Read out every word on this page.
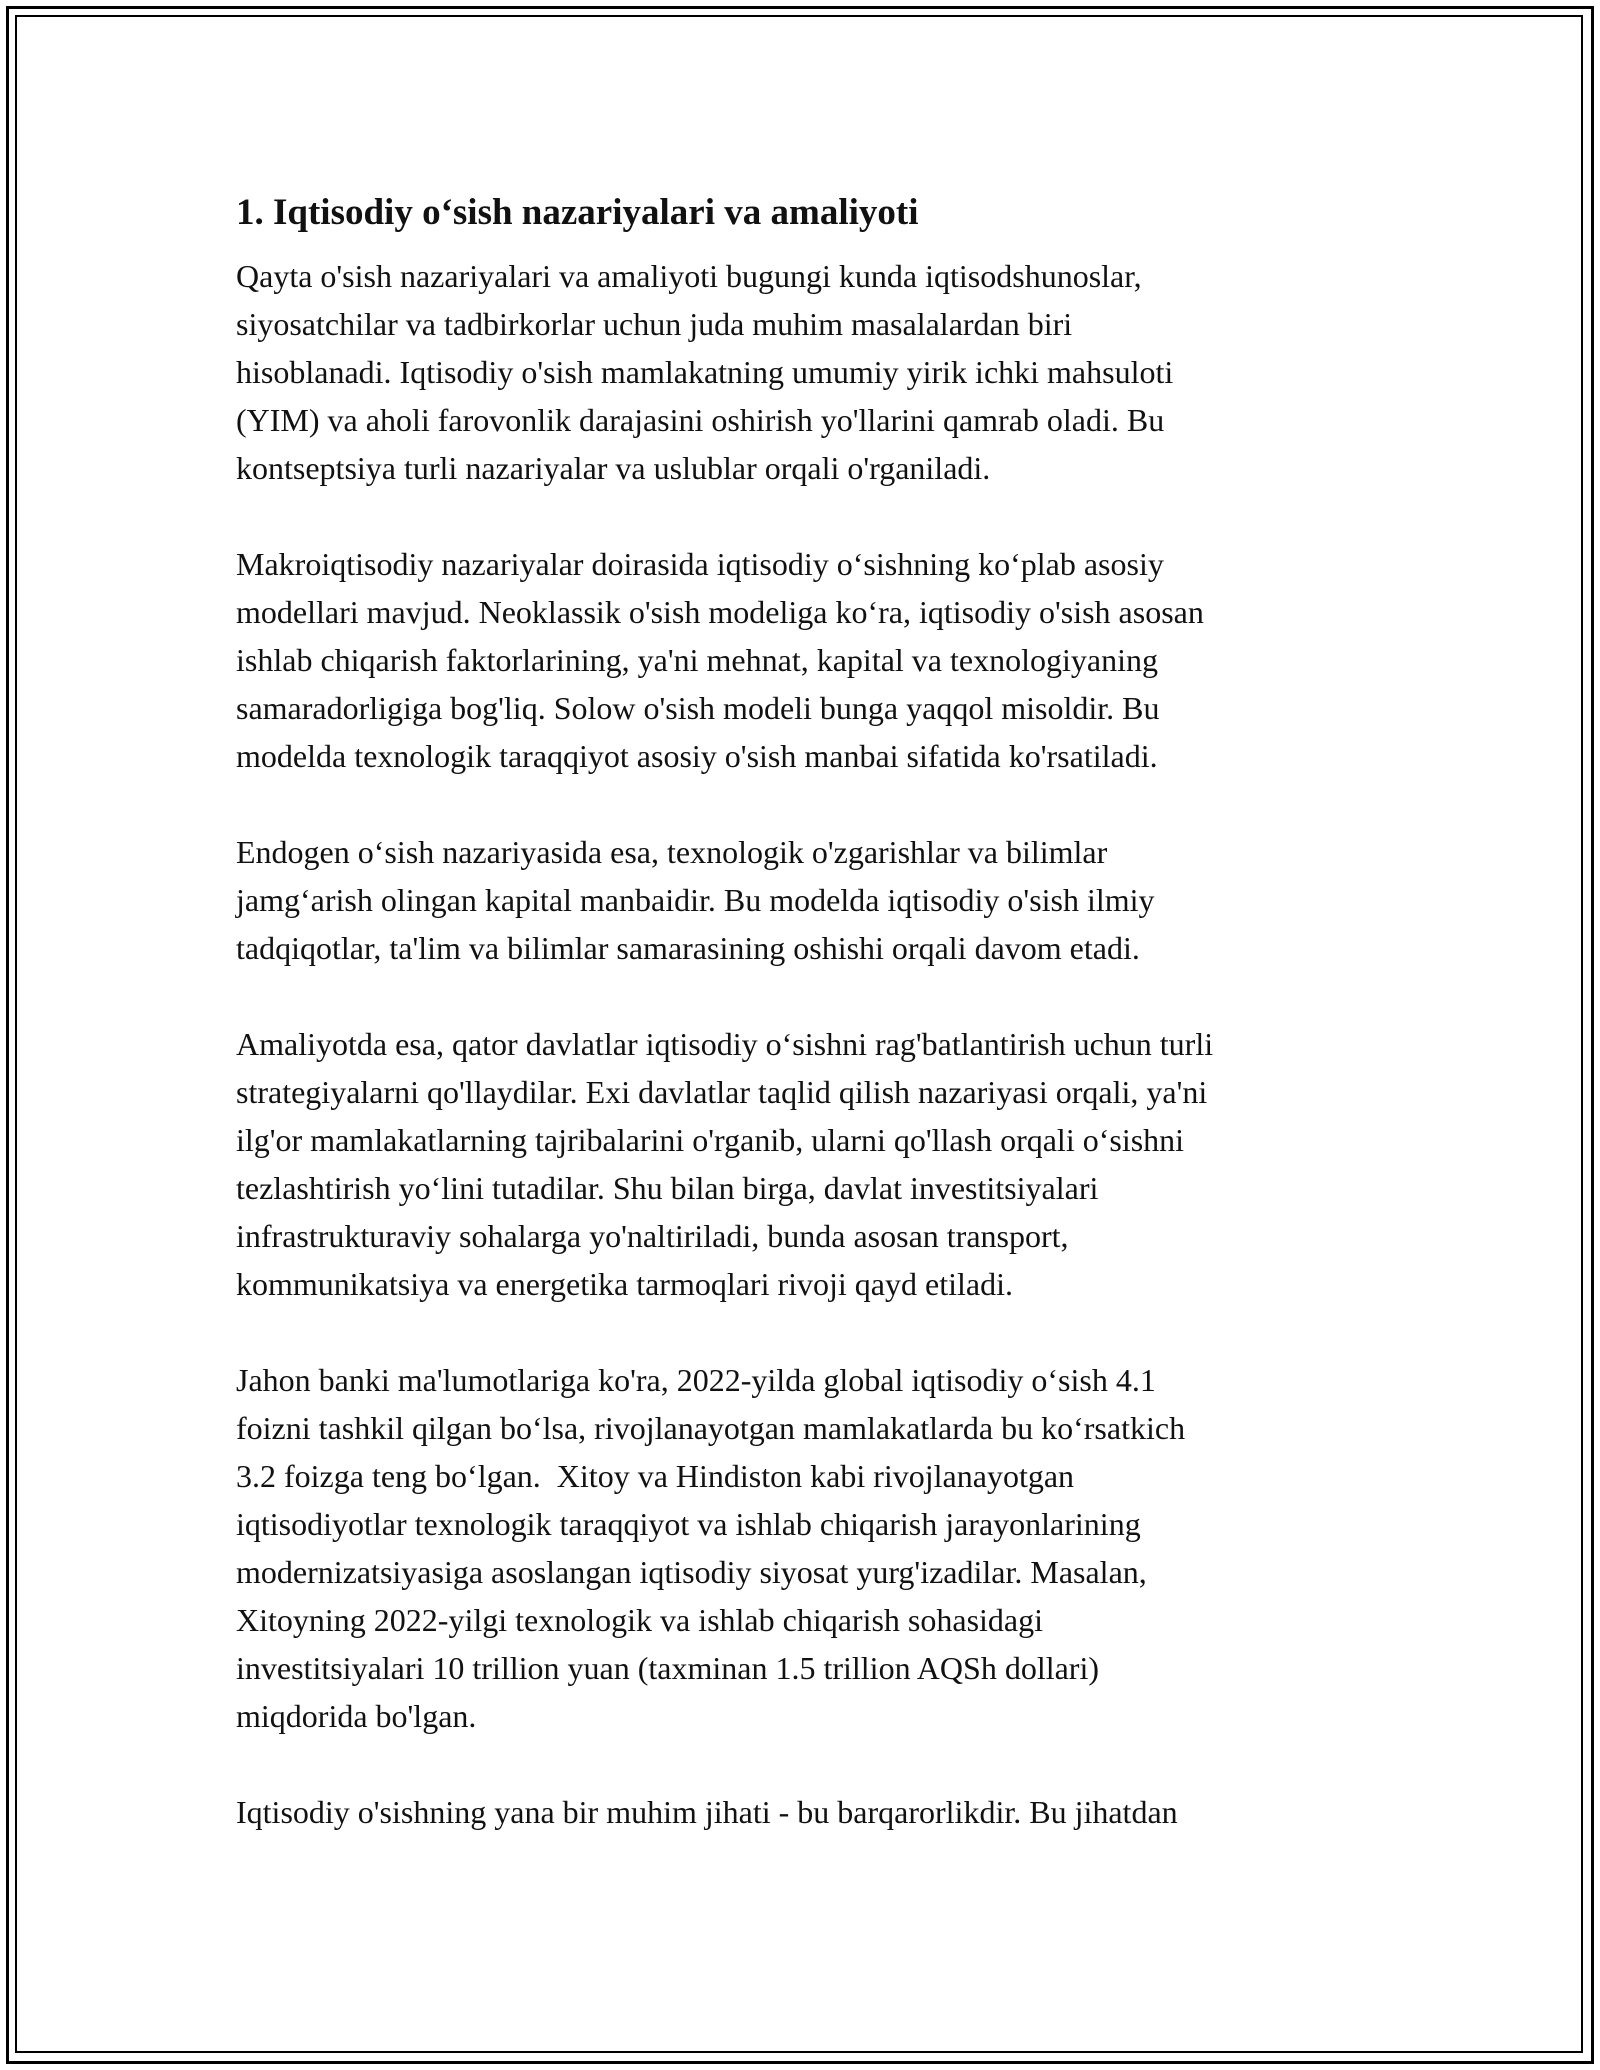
1. Iqtisodiy o‘sish nazariyalari va amaliyoti
Qayta o'sish nazariyalari va amaliyoti bugungi kunda iqtisodshunoslar,
siyosatchilar va tadbirkorlar uchun juda muhim masalalardan biri
hisoblanadi. Iqtisodiy o'sish mamlakatning umumiy yirik ichki mahsuloti
(YIM) va aholi farovonlik darajasini oshirish yo'llarini qamrab oladi. Bu
kontseptsiya turli nazariyalar va uslublar orqali o'rganiladi.
Makroiqtisodiy nazariyalar doirasida iqtisodiy o‘sishning ko‘plab asosiy
modellari mavjud. Neoklassik o'sish modeliga ko‘ra, iqtisodiy o'sish asosan
ishlab chiqarish faktorlarining, ya'ni mehnat, kapital va texnologiyaning
samaradorligiga bog'liq. Solow o'sish modeli bunga yaqqol misoldir. Bu
modelda texnologik taraqqiyot asosiy o'sish manbai sifatida ko'rsatiladi.
Endogen o‘sish nazariyasida esa, texnologik o'zgarishlar va bilimlar
jamg‘arish olingan kapital manbaidir. Bu modelda iqtisodiy o'sish ilmiy
tadqiqotlar, ta'lim va bilimlar samarasining oshishi orqali davom etadi.
Amaliyotda esa, qator davlatlar iqtisodiy o‘sishni rag'batlantirish uchun turli
strategiyalarni qo'llaydilar. Exi davlatlar taqlid qilish nazariyasi orqali, ya'ni
ilg'or mamlakatlarning tajribalarini o'rganib, ularni qo'llash orqali o‘sishni
tezlashtirish yo‘lini tutadilar. Shu bilan birga, davlat investitsiyalari
infrastrukturaviy sohalarga yo'naltiriladi, bunda asosan transport,
kommunikatsiya va energetika tarmoqlari rivoji qayd etiladi.
Jahon banki ma'lumotlariga ko'ra, 2022-yilda global iqtisodiy o‘sish 4.1
foizni tashkil qilgan bo‘lsa, rivojlanayotgan mamlakatlarda bu ko‘rsatkich
3.2 foizga teng bo‘lgan.  Xitoy va Hindiston kabi rivojlanayotgan
iqtisodiyotlar texnologik taraqqiyot va ishlab chiqarish jarayonlarining
modernizatsiyasiga asoslangan iqtisodiy siyosat yurg'izadilar. Masalan,
Xitoyning 2022-yilgi texnologik va ishlab chiqarish sohasidagi
investitsiyalari 10 trillion yuan (taxminan 1.5 trillion AQSh dollari)
miqdorida bo'lgan.
Iqtisodiy o'sishning yana bir muhim jihati - bu barqarorlikdir. Bu jihatdan
